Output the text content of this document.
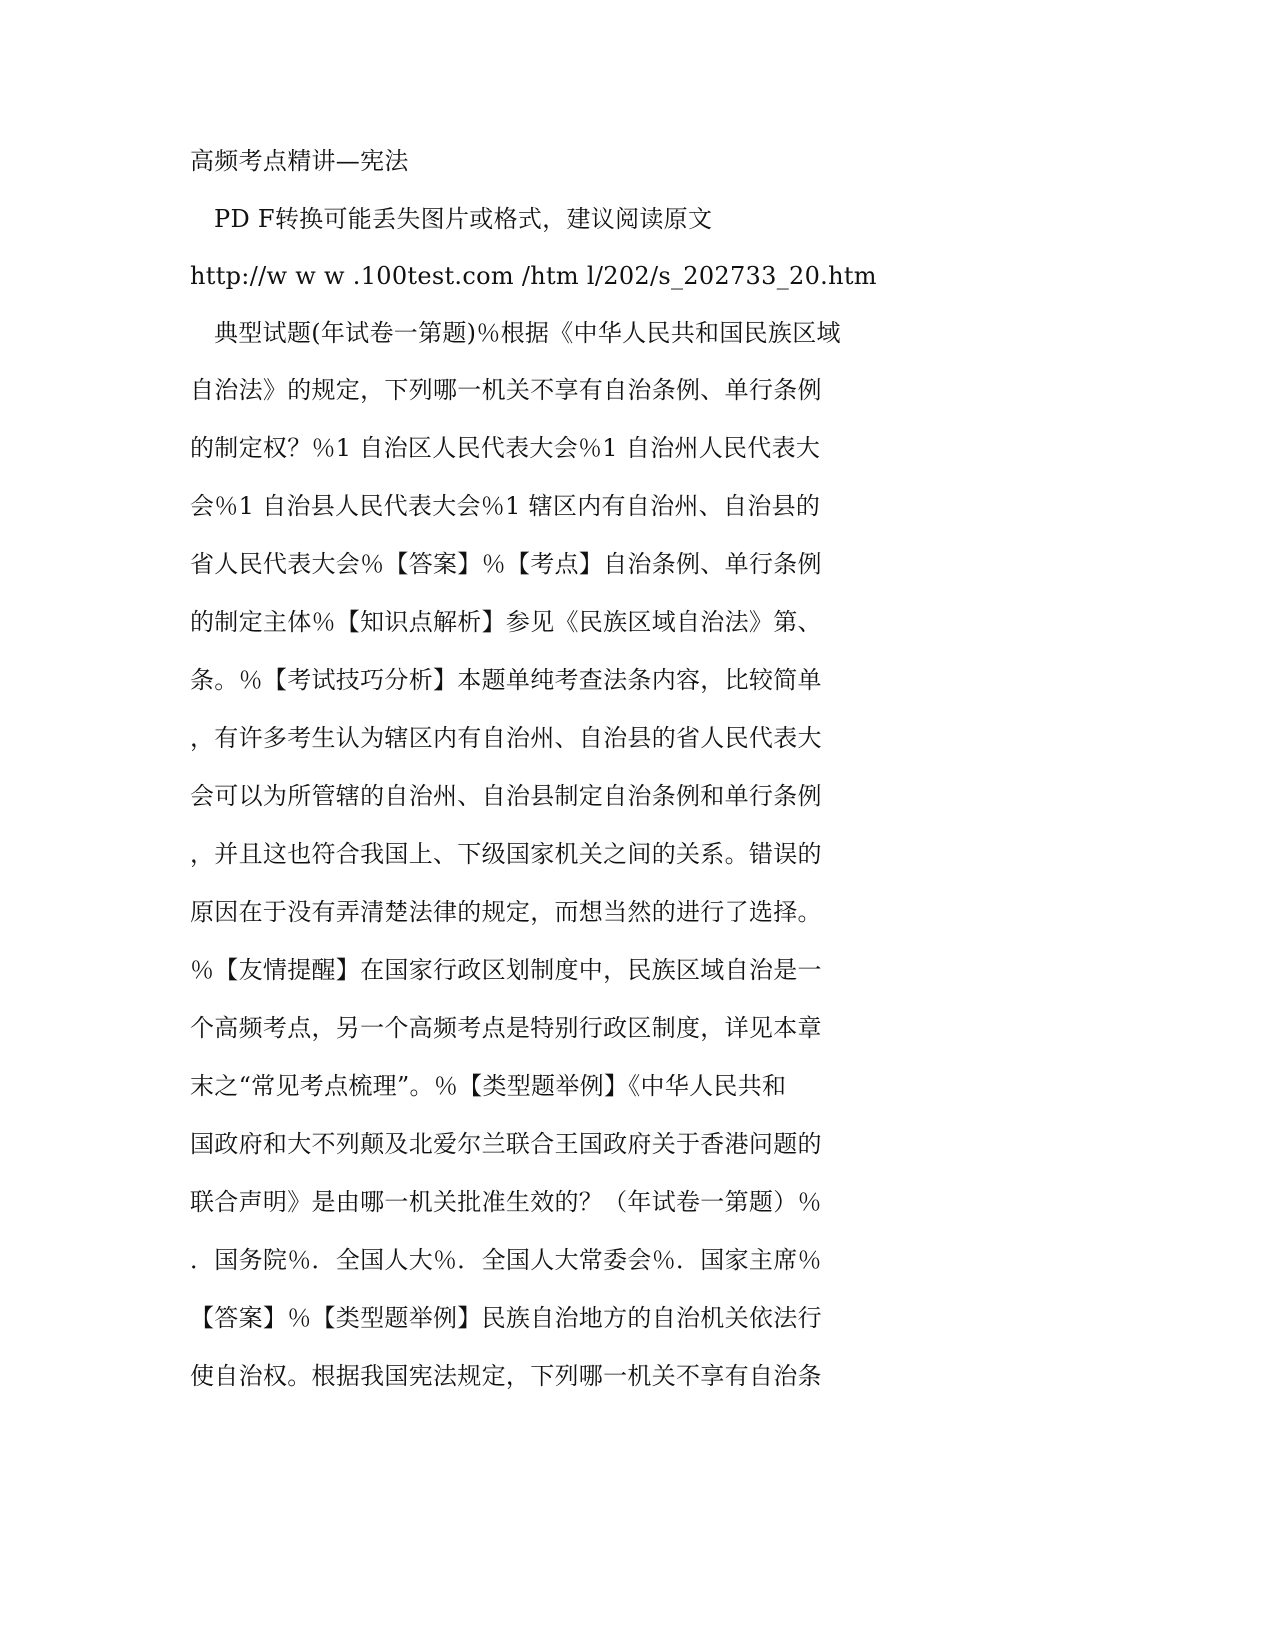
高频考点精讲—宪法
PD F转换可能丢失图片或格式，建议阅读原文
http://w w w .100test.com /htm l/202/s_202733_20.htm
典型试题(年试卷一第题)％根据《中华人民共和国民族区域
自治法》的规定，下列哪一机关不享有自治条例、单行条例
的制定权？％1 自治区人民代表大会％1 自治州人民代表大
会％1 自治县人民代表大会％1 辖区内有自治州、自治县的
省人民代表大会％【答案】％【考点】自治条例、单行条例
的制定主体％【知识点解析】参见《民族区域自治法》第、
条。％【考试技巧分析】本题单纯考查法条内容，比较简单
，有许多考生认为辖区内有自治州、自治县的省人民代表大
会可以为所管辖的自治州、自治县制定自治条例和单行条例
，并且这也符合我国上、下级国家机关之间的关系。错误的
原因在于没有弄清楚法律的规定，而想当然的进行了选择。
％【友情提醒】在国家行政区划制度中，民族区域自治是一
个高频考点，另一个高频考点是特别行政区制度，详见本章
末之“常见考点梳理”。％【类型题举例】《中华人民共和
国政府和大不列颠及北爱尔兰联合王国政府关于香港问题的
联合声明》是由哪一机关批准生效的？（年试卷一第题）％
．国务院％．全国人大％．全国人大常委会％．国家主席％
【答案】％【类型题举例】民族自治地方的自治机关依法行
使自治权。根据我国宪法规定，下列哪一机关不享有自治条
